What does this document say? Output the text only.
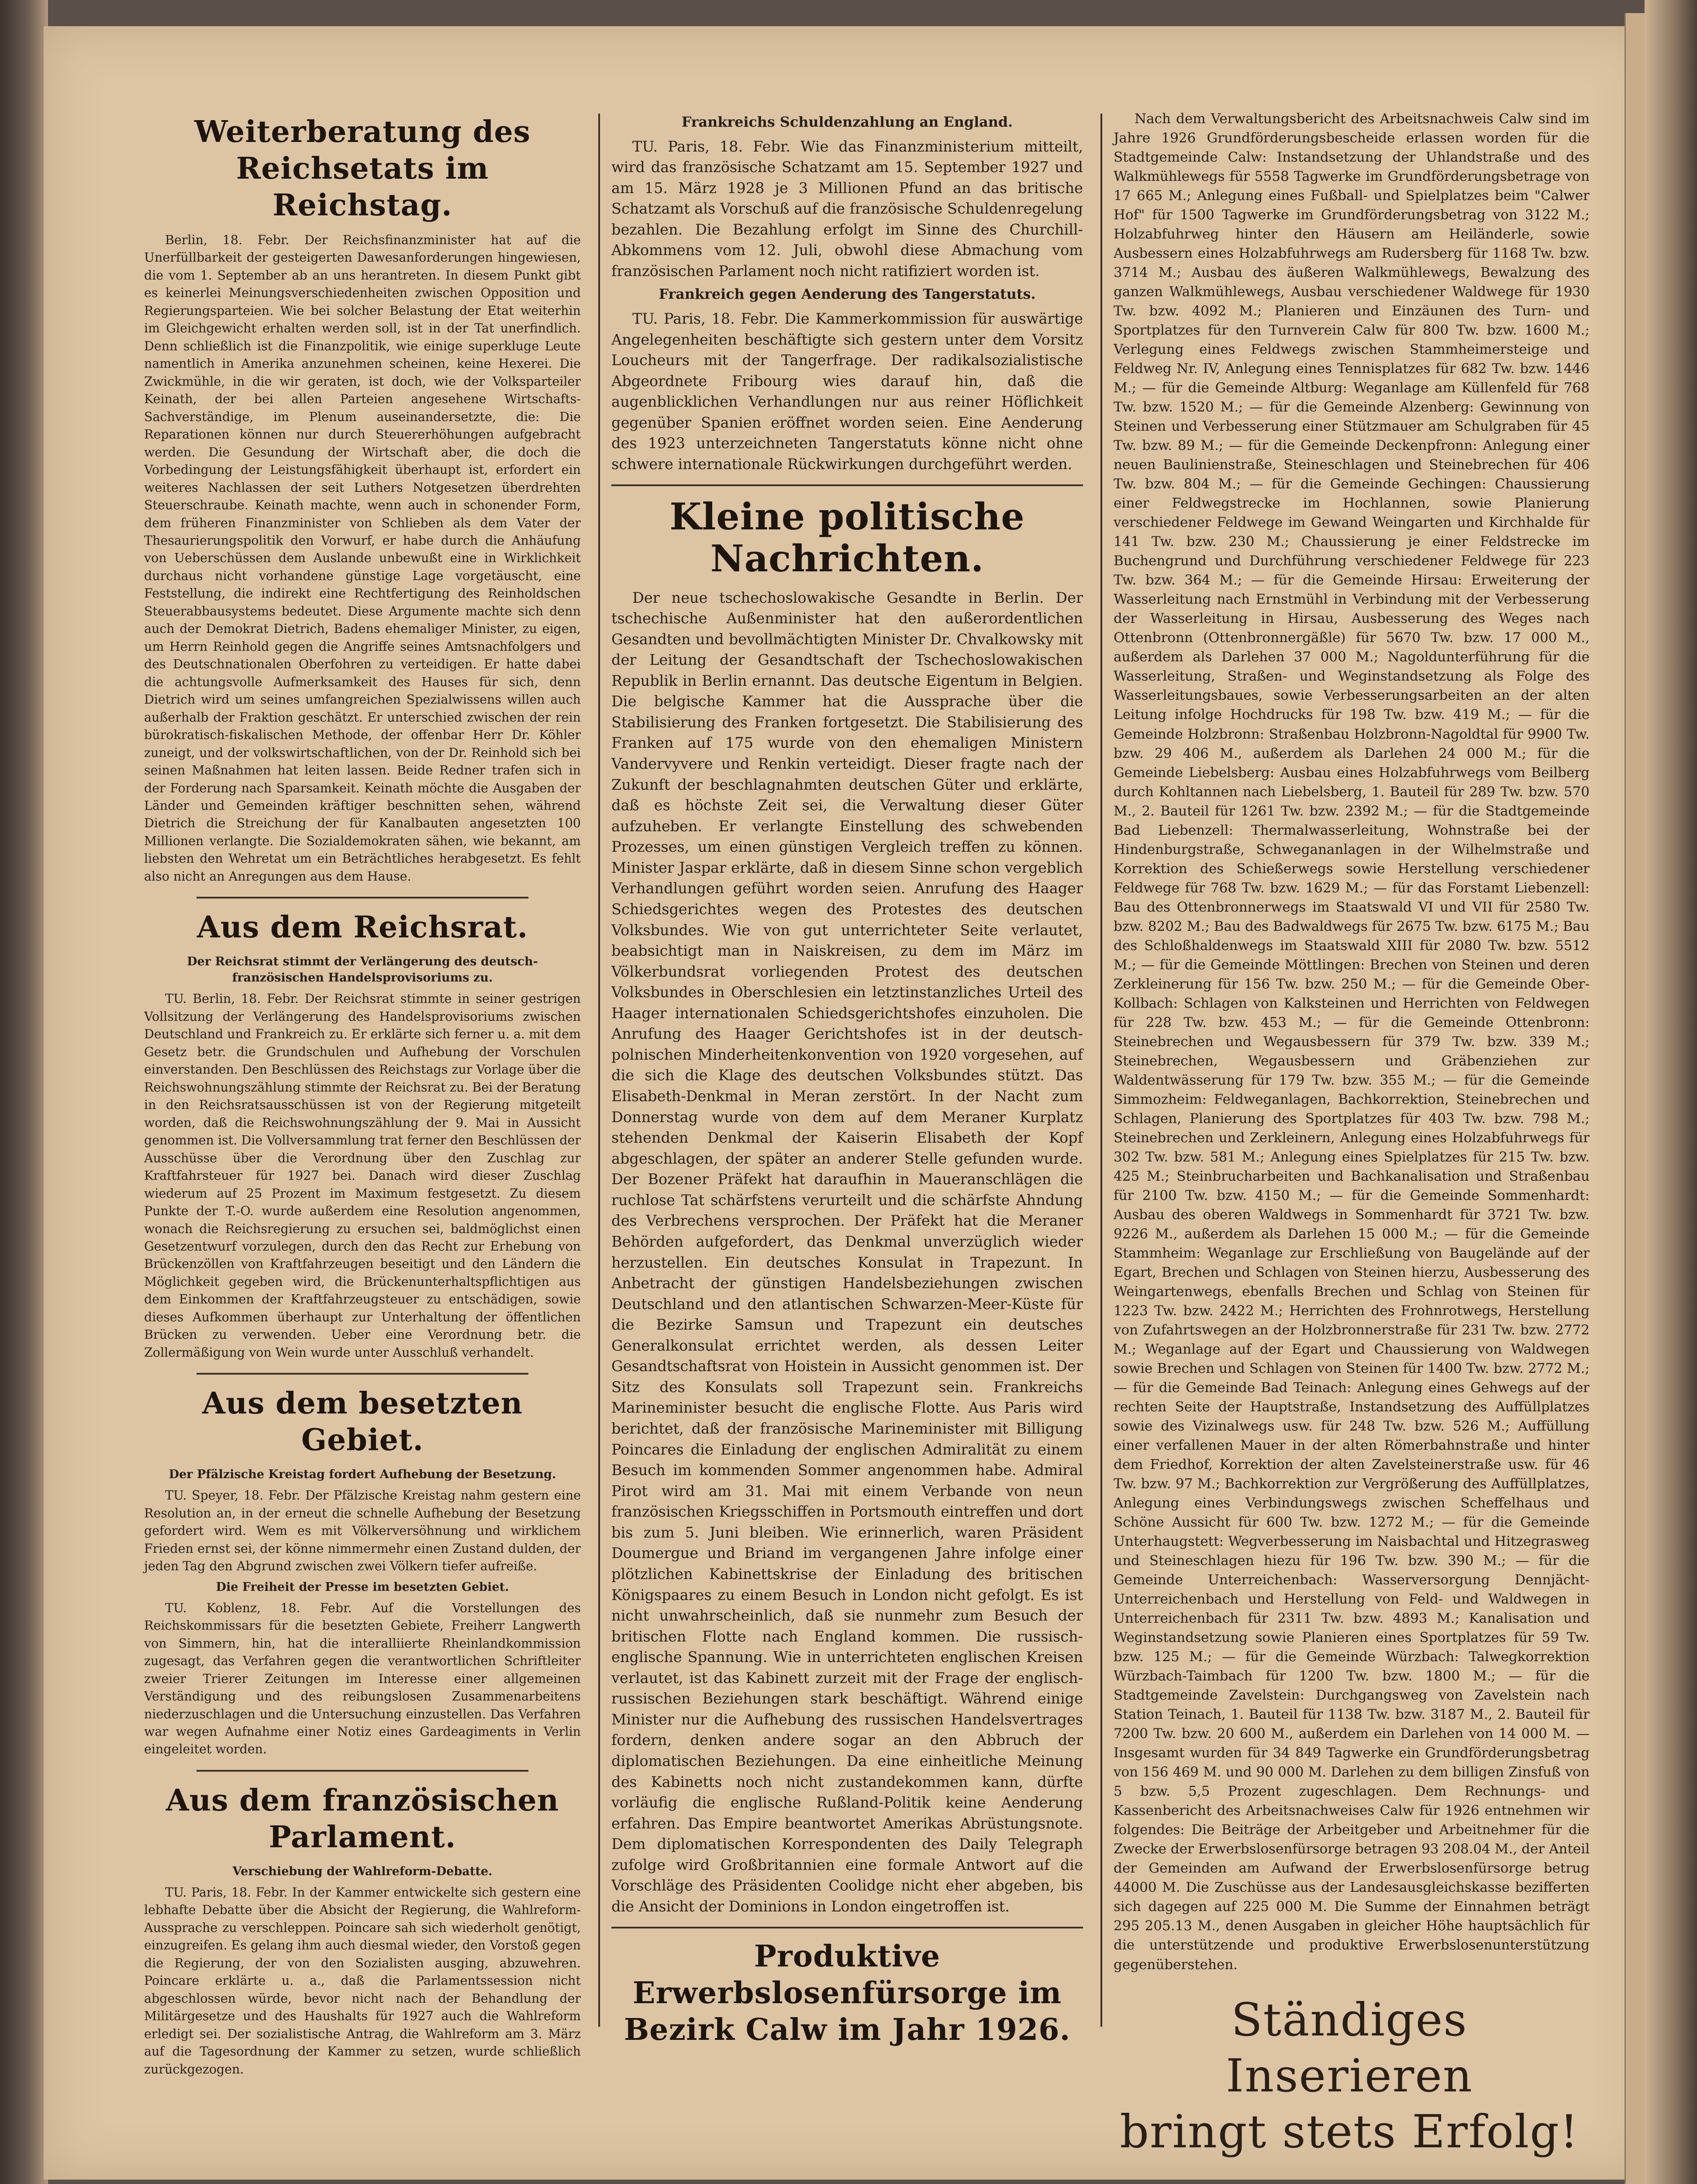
Weiterberatung des Reichsetats im Reichstag.

Berlin, 18. Febr. Der Reichsfinanzminister hat auf die Unerfüllbarkeit der gesteigerten Dawesanforderungen hingewiesen, die vom 1. September ab an uns herantreten. In diesem Punkt gibt es keinerlei Meinungsverschiedenheiten zwischen Opposition und Regierungsparteien. Wie bei solcher Belastung der Etat weiterhin im Gleichgewicht erhalten werden soll, ist in der Tat unerfindlich. Denn schließlich ist die Finanzpolitik, wie einige superkluge Leute namentlich in Amerika anzunehmen scheinen, keine Hexerei. Die Zwickmühle, in die wir geraten, ist doch, wie der Volksparteiler Keinath, der bei allen Parteien angesehene Wirtschafts-Sachverständige, im Plenum auseinandersetzte, die: Die Reparationen können nur durch Steuererhöhungen aufgebracht werden. Die Gesundung der Wirtschaft aber, die doch die Vorbedingung der Leistungsfähigkeit überhaupt ist, erfordert ein weiteres Nachlassen der seit Luthers Notgesetzen überdrehten Steuerschraube. Keinath machte, wenn auch in schonender Form, dem früheren Finanzminister von Schlieben als dem Vater der Thesaurierungspolitik den Vorwurf, er habe durch die Anhäufung von Ueberschüssen dem Auslande unbewußt eine in Wirklichkeit durchaus nicht vorhandene günstige Lage vorgetäuscht, eine Feststellung, die indirekt eine Rechtfertigung des Reinholdschen Steuerabbausystems bedeutet. Diese Argumente machte sich denn auch der Demokrat Dietrich, Badens ehemaliger Minister, zu eigen, um Herrn Reinhold gegen die Angriffe seines Amtsnachfolgers und des Deutschnationalen Oberfohren zu verteidigen. Er hatte dabei die achtungsvolle Aufmerksamkeit des Hauses für sich, denn Dietrich wird um seines umfangreichen Spezialwissens willen auch außerhalb der Fraktion geschätzt. Er unterschied zwischen der rein bürokratisch-fiskalischen Methode, der offenbar Herr Dr. Köhler zuneigt, und der volkswirtschaftlichen, von der Dr. Reinhold sich bei seinen Maßnahmen hat leiten lassen. Beide Redner trafen sich in der Forderung nach Sparsamkeit. Keinath möchte die Ausgaben der Länder und Gemeinden kräftiger beschnitten sehen, während Dietrich die Streichung der für Kanalbauten angesetzten 100 Millionen verlangte. Die Sozialdemokraten sähen, wie bekannt, am liebsten den Wehretat um ein Beträchtliches herabgesetzt. Es fehlt also nicht an Anregungen aus dem Hause.

Aus dem Reichsrat.
Der Reichsrat stimmt der Verlängerung des deutsch-französischen Handelsprovisoriums zu.

TU. Berlin, 18. Febr. Der Reichsrat stimmte in seiner gestrigen Vollsitzung der Verlängerung des Handelsprovisoriums zwischen Deutschland und Frankreich zu. Er erklärte sich ferner u. a. mit dem Gesetz betr. die Grundschulen und Aufhebung der Vorschulen einverstanden. Den Beschlüssen des Reichstags zur Vorlage über die Reichswohnungszählung stimmte der Reichsrat zu. Bei der Beratung in den Reichsratsausschüssen ist von der Regierung mitgeteilt worden, daß die Reichswohnungszählung der 9. Mai in Aussicht genommen ist. Die Vollversammlung trat ferner den Beschlüssen der Ausschüsse über die Verordnung über den Zuschlag zur Kraftfahrsteuer für 1927 bei. Danach wird dieser Zuschlag wiederum auf 25 Prozent im Maximum festgesetzt. Zu diesem Punkte der T.-O. wurde außerdem eine Resolution angenommen, wonach die Reichsregierung zu ersuchen sei, baldmöglichst einen Gesetzentwurf vorzulegen, durch den das Recht zur Erhebung von Brückenzöllen von Kraftfahrzeugen beseitigt und den Ländern die Möglichkeit gegeben wird, die Brückenunterhaltspflichtigen aus dem Einkommen der Kraftfahrzeugsteuer zu entschädigen, sowie dieses Aufkommen überhaupt zur Unterhaltung der öffentlichen Brücken zu verwenden. Ueber eine Verordnung betr. die Zollermäßigung von Wein wurde unter Ausschluß verhandelt.

Aus dem besetzten Gebiet.
Der Pfälzische Kreistag fordert Aufhebung der Besetzung.

TU. Speyer, 18. Febr. Der Pfälzische Kreistag nahm gestern eine Resolution an, in der erneut die schnelle Aufhebung der Besetzung gefordert wird. Wem es mit Völkerversöhnung und wirklichem Frieden ernst sei, der könne nimmermehr einen Zustand dulden, der jeden Tag den Abgrund zwischen zwei Völkern tiefer aufreiße.

Die Freiheit der Presse im besetzten Gebiet.

TU. Koblenz, 18. Febr. Auf die Vorstellungen des Reichskommissars für die besetzten Gebiete, Freiherr Langwerth von Simmern, hin, hat die interalliierte Rheinlandkommission zugesagt, das Verfahren gegen die verantwortlichen Schriftleiter zweier Trierer Zeitungen im Interesse einer allgemeinen Verständigung und des reibungslosen Zusammenarbeitens niederzuschlagen und die Untersuchung einzustellen. Das Verfahren war wegen Aufnahme einer Notiz eines Gardeagiments in Verlin eingeleitet worden.

Aus dem französischen Parlament.
Verschiebung der Wahlreform-Debatte.

TU. Paris, 18. Febr. In der Kammer entwickelte sich gestern eine lebhafte Debatte über die Absicht der Regierung, die Wahlreform-Aussprache zu verschleppen. Poincare sah sich wiederholt genötigt, einzugreifen. Es gelang ihm auch diesmal wieder, den Vorstoß gegen die Regierung, der von den Sozialisten ausging, abzuwehren. Poincare erklärte u. a., daß die Parlamentssession nicht abgeschlossen würde, bevor nicht nach der Behandlung der Militärgesetze und des Haushalts für 1927 auch die Wahlreform erledigt sei. Der sozialistische Antrag, die Wahlreform am 3. März auf die Tagesordnung der Kammer zu setzen, wurde schließlich zurückgezogen.

Frankreichs Schuldenzahlung an England.

TU. Paris, 18. Febr. Wie das Finanzministerium mitteilt, wird das französische Schatzamt am 15. September 1927 und am 15. März 1928 je 3 Millionen Pfund an das britische Schatzamt als Vorschuß auf die französische Schuldenregelung bezahlen. Die Bezahlung erfolgt im Sinne des Churchill-Abkommens vom 12. Juli, obwohl diese Abmachung vom französischen Parlament noch nicht ratifiziert worden ist.

Frankreich gegen Aenderung des Tangerstatuts.

TU. Paris, 18. Febr. Die Kammerkommission für auswärtige Angelegenheiten beschäftigte sich gestern unter dem Vorsitz Loucheurs mit der Tangerfrage. Der radikalsozialistische Abgeordnete Fribourg wies darauf hin, daß die augenblicklichen Verhandlungen nur aus reiner Höflichkeit gegenüber Spanien eröffnet worden seien. Eine Aenderung des 1923 unterzeichneten Tangerstatuts könne nicht ohne schwere internationale Rückwirkungen durchgeführt werden.

Kleine politische Nachrichten.

Der neue tschechoslowakische Gesandte in Berlin. Der tschechische Außenminister hat den außerordentlichen Gesandten und bevollmächtigten Minister Dr. Chvalkowsky mit der Leitung der Gesandtschaft der Tschechoslowakischen Republik in Berlin ernannt. Das deutsche Eigentum in Belgien. Die belgische Kammer hat die Aussprache über die Stabilisierung des Franken fortgesetzt. Die Stabilisierung des Franken auf 175 wurde von den ehemaligen Ministern Vandervyvere und Renkin verteidigt. Dieser fragte nach der Zukunft der beschlagnahmten deutschen Güter und erklärte, daß es höchste Zeit sei, die Verwaltung dieser Güter aufzuheben. Er verlangte Einstellung des schwebenden Prozesses, um einen günstigen Vergleich treffen zu können. Minister Jaspar erklärte, daß in diesem Sinne schon vergeblich Verhandlungen geführt worden seien. Anrufung des Haager Schiedsgerichtes wegen des Protestes des deutschen Volksbundes. Wie von gut unterrichteter Seite verlautet, beabsichtigt man in Naiskreisen, zu dem im März im Völkerbundsrat vorliegenden Protest des deutschen Volksbundes in Oberschlesien ein letztinstanzliches Urteil des Haager internationalen Schiedsgerichtshofes einzuholen. Die Anrufung des Haager Gerichtshofes ist in der deutsch-polnischen Minderheitenkonvention von 1920 vorgesehen, auf die sich die Klage des deutschen Volksbundes stützt. Das Elisabeth-Denkmal in Meran zerstört. In der Nacht zum Donnerstag wurde von dem auf dem Meraner Kurplatz stehenden Denkmal der Kaiserin Elisabeth der Kopf abgeschlagen, der später an anderer Stelle gefunden wurde. Der Bozener Präfekt hat daraufhin in Maueranschlägen die ruchlose Tat schärfstens verurteilt und die schärfste Ahndung des Verbrechens versprochen. Der Präfekt hat die Meraner Behörden aufgefordert, das Denkmal unverzüglich wieder herzustellen. Ein deutsches Konsulat in Trapezunt. In Anbetracht der günstigen Handelsbeziehungen zwischen Deutschland und den atlantischen Schwarzen-Meer-Küste für die Bezirke Samsun und Trapezunt ein deutsches Generalkonsulat errichtet werden, als dessen Leiter Gesandtschaftsrat von Hoistein in Aussicht genommen ist. Der Sitz des Konsulats soll Trapezunt sein. Frankreichs Marineminister besucht die englische Flotte. Aus Paris wird berichtet, daß der französische Marineminister mit Billigung Poincares die Einladung der englischen Admiralität zu einem Besuch im kommenden Sommer angenommen habe. Admiral Pirot wird am 31. Mai mit einem Verbande von neun französischen Kriegsschiffen in Portsmouth eintreffen und dort bis zum 5. Juni bleiben. Wie erinnerlich, waren Präsident Doumergue und Briand im vergangenen Jahre infolge einer plötzlichen Kabinettskrise der Einladung des britischen Königspaares zu einem Besuch in London nicht gefolgt. Es ist nicht unwahrscheinlich, daß sie nunmehr zum Besuch der britischen Flotte nach England kommen. Die russisch-englische Spannung. Wie in unterrichteten englischen Kreisen verlautet, ist das Kabinett zurzeit mit der Frage der englisch-russischen Beziehungen stark beschäftigt. Während einige Minister nur die Aufhebung des russischen Handelsvertrages fordern, denken andere sogar an den Abbruch der diplomatischen Beziehungen. Da eine einheitliche Meinung des Kabinetts noch nicht zustandekommen kann, dürfte vorläufig die englische Rußland-Politik keine Aenderung erfahren. Das Empire beantwortet Amerikas Abrüstungsnote. Dem diplomatischen Korrespondenten des Daily Telegraph zufolge wird Großbritannien eine formale Antwort auf die Vorschläge des Präsidenten Coolidge nicht eher abgeben, bis die Ansicht der Dominions in London eingetroffen ist.

Produktive Erwerbslosenfürsorge im Bezirk Calw im Jahr 1926.

Nach dem Verwaltungsbericht des Arbeitsnachweis Calw sind im Jahre 1926 Grundförderungsbescheide erlassen worden für die Stadtgemeinde Calw: Instandsetzung der Uhlandstraße und des Walkmühlewegs für 5558 Tagwerke im Grundförderungsbetrage von 17 665 M.; Anlegung eines Fußball- und Spielplatzes beim "Calwer Hof" für 1500 Tagwerke im Grundförderungsbetrag von 3122 M.; Holzabfuhrweg hinter den Häusern am Heiländerle, sowie Ausbessern eines Holzabfuhrwegs am Rudersberg für 1168 Tw. bzw. 3714 M.; Ausbau des äußeren Walkmühlewegs, Bewalzung des ganzen Walkmühlewegs, Ausbau verschiedener Waldwege für 1930 Tw. bzw. 4092 M.; Planieren und Einzäunen des Turn- und Sportplatzes für den Turnverein Calw für 800 Tw. bzw. 1600 M.; Verlegung eines Feldwegs zwischen Stammheimersteige und Feldweg Nr. IV, Anlegung eines Tennisplatzes für 682 Tw. bzw. 1446 M.; — für die Gemeinde Altburg: Weganlage am Küllenfeld für 768 Tw. bzw. 1520 M.; — für die Gemeinde Alzenberg: Gewinnung von Steinen und Verbesserung einer Stützmauer am Schulgraben für 45 Tw. bzw. 89 M.; — für die Gemeinde Deckenpfronn: Anlegung einer neuen Baulinienstraße, Steineschlagen und Steinebrechen für 406 Tw. bzw. 804 M.; — für die Gemeinde Gechingen: Chaussierung einer Feldwegstrecke im Hochlannen, sowie Planierung verschiedener Feldwege im Gewand Weingarten und Kirchhalde für 141 Tw. bzw. 230 M.; Chaussierung je einer Feldstrecke im Buchengrund und Durchführung verschiedener Feldwege für 223 Tw. bzw. 364 M.; — für die Gemeinde Hirsau: Erweiterung der Wasserleitung nach Ernstmühl in Verbindung mit der Verbesserung der Wasserleitung in Hirsau, Ausbesserung des Weges nach Ottenbronn (Ottenbronnergäßle) für 5670 Tw. bzw. 17 000 M., außerdem als Darlehen 37 000 M.; Nagoldunterführung für die Wasserleitung, Straßen- und Weginstandsetzung als Folge des Wasserleitungsbaues, sowie Verbesserungsarbeiten an der alten Leitung infolge Hochdrucks für 198 Tw. bzw. 419 M.; — für die Gemeinde Holzbronn: Straßenbau Holzbronn-Nagoldtal für 9900 Tw. bzw. 29 406 M., außerdem als Darlehen 24 000 M.; für die Gemeinde Liebelsberg: Ausbau eines Holzabfuhrwegs vom Beilberg durch Kohltannen nach Liebelsberg, 1. Bauteil für 289 Tw. bzw. 570 M., 2. Bauteil für 1261 Tw. bzw. 2392 M.; — für die Stadtgemeinde Bad Liebenzell: Thermalwasserleitung, Wohnstraße bei der Hindenburgstraße, Schwegananlagen in der Wilhelmstraße und Korrektion des Schießerwegs sowie Herstellung verschiedener Feldwege für 768 Tw. bzw. 1629 M.; — für das Forstamt Liebenzell: Bau des Ottenbronnerwegs im Staatswald VI und VII für 2580 Tw. bzw. 8202 M.; Bau des Badwaldwegs für 2675 Tw. bzw. 6175 M.; Bau des Schloßhaldenwegs im Staatswald XIII für 2080 Tw. bzw. 5512 M.; — für die Gemeinde Möttlingen: Brechen von Steinen und deren Zerkleinerung für 156 Tw. bzw. 250 M.; — für die Gemeinde Ober-Kollbach: Schlagen von Kalksteinen und Herrichten von Feldwegen für 228 Tw. bzw. 453 M.; — für die Gemeinde Ottenbronn: Steinebrechen und Wegausbessern für 379 Tw. bzw. 339 M.; Steinebrechen, Wegausbessern und Gräbenziehen zur Waldentwässerung für 179 Tw. bzw. 355 M.; — für die Gemeinde Simmozheim: Feldweganlagen, Bachkorrektion, Steinebrechen und Schlagen, Planierung des Sportplatzes für 403 Tw. bzw. 798 M.; Steinebrechen und Zerkleinern, Anlegung eines Holzabfuhrwegs für 302 Tw. bzw. 581 M.; Anlegung eines Spielplatzes für 215 Tw. bzw. 425 M.; Steinbrucharbeiten und Bachkanalisation und Straßenbau für 2100 Tw. bzw. 4150 M.; — für die Gemeinde Sommenhardt: Ausbau des oberen Waldwegs in Sommenhardt für 3721 Tw. bzw. 9226 M., außerdem als Darlehen 15 000 M.; — für die Gemeinde Stammheim: Weganlage zur Erschließung von Baugelände auf der Egart, Brechen und Schlagen von Steinen hierzu, Ausbesserung des Weingartenwegs, ebenfalls Brechen und Schlag von Steinen für 1223 Tw. bzw. 2422 M.; Herrichten des Frohnrotwegs, Herstellung von Zufahrtswegen an der Holzbronnerstraße für 231 Tw. bzw. 2772 M.; Weganlage auf der Egart und Chaussierung von Waldwegen sowie Brechen und Schlagen von Steinen für 1400 Tw. bzw. 2772 M.; — für die Gemeinde Bad Teinach: Anlegung eines Gehwegs auf der rechten Seite der Hauptstraße, Instandsetzung des Auffüllplatzes sowie des Vizinalwegs usw. für 248 Tw. bzw. 526 M.; Auffüllung einer verfallenen Mauer in der alten Römerbahnstraße und hinter dem Friedhof, Korrektion der alten Zavelsteinerstraße usw. für 46 Tw. bzw. 97 M.; Bachkorrektion zur Vergrößerung des Auffüllplatzes, Anlegung eines Verbindungswegs zwischen Scheffelhaus und Schöne Aussicht für 600 Tw. bzw. 1272 M.; — für die Gemeinde Unterhaugstett: Wegverbesserung im Naisbachtal und Hitzegrasweg und Steineschlagen hiezu für 196 Tw. bzw. 390 M.; — für die Gemeinde Unterreichenbach: Wasserversorgung Dennjächt-Unterreichenbach und Herstellung von Feld- und Waldwegen in Unterreichenbach für 2311 Tw. bzw. 4893 M.; Kanalisation und Weginstandsetzung sowie Planieren eines Sportplatzes für 59 Tw. bzw. 125 M.; — für die Gemeinde Würzbach: Talwegkorrektion Würzbach-Taimbach für 1200 Tw. bzw. 1800 M.; — für die Stadtgemeinde Zavelstein: Durchgangsweg von Zavelstein nach Station Teinach, 1. Bauteil für 1138 Tw. bzw. 3187 M., 2. Bauteil für 7200 Tw. bzw. 20 600 M., außerdem ein Darlehen von 14 000 M. — Insgesamt wurden für 34 849 Tagwerke ein Grundförderungsbetrag von 156 469 M. und 90 000 M. Darlehen zu dem billigen Zinsfuß von 5 bzw. 5,5 Prozent zugeschlagen. Dem Rechnungs- und Kassenbericht des Arbeitsnachweises Calw für 1926 entnehmen wir folgendes: Die Beiträge der Arbeitgeber und Arbeitnehmer für die Zwecke der Erwerbslosenfürsorge betragen 93 208.04 M., der Anteil der Gemeinden am Aufwand der Erwerbslosenfürsorge betrug 44000 M. Die Zuschüsse aus der Landesausgleichskasse bezifferten sich dagegen auf 225 000 M. Die Summe der Einnahmen beträgt 295 205.13 M., denen Ausgaben in gleicher Höhe hauptsächlich für die unterstützende und produktive Erwerbslosenunterstützung gegenüberstehen.

Ständiges Inserieren
bringt stets Erfolg!
